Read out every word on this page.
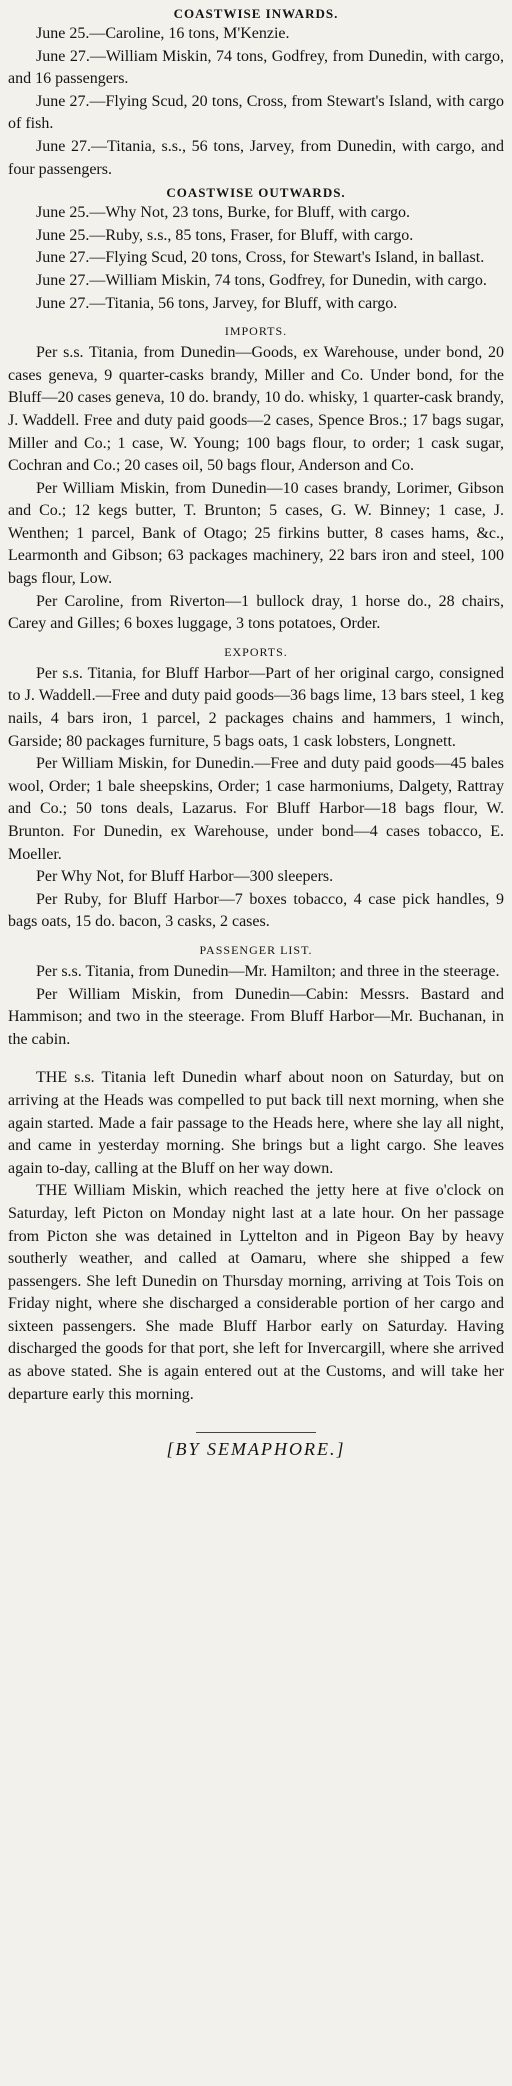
COASTWISE INWARDS.

June 25.—Caroline, 16 tons, M'Kenzie.

June 27.—William Miskin, 74 tons, Godfrey, from Dunedin, with cargo, and 16 passengers.

June 27.—Flying Scud, 20 tons, Cross, from Stewart's Island, with cargo of fish.

June 27.—Titania, s.s., 56 tons, Jarvey, from Dunedin, with cargo, and four passengers.

COASTWISE OUTWARDS.

June 25.—Why Not, 23 tons, Burke, for Bluff, with cargo.

June 25.—Ruby, s.s., 85 tons, Fraser, for Bluff, with cargo.

June 27.—Flying Scud, 20 tons, Cross, for Stewart's Island, in ballast.

June 27.—William Miskin, 74 tons, Godfrey, for Dunedin, with cargo.

June 27.—Titania, 56 tons, Jarvey, for Bluff, with cargo.

IMPORTS.

Per s.s. Titania, from Dunedin—Goods, ex Warehouse, under bond, 20 cases geneva, 9 quarter-casks brandy, Miller and Co. Under bond, for the Bluff—20 cases geneva, 10 do. brandy, 10 do. whisky, 1 quarter-cask brandy, J. Waddell. Free and duty paid goods—2 cases, Spence Bros.; 17 bags sugar, Miller and Co.; 1 case, W. Young; 100 bags flour, to order; 1 cask sugar, Cochran and Co.; 20 cases oil, 50 bags flour, Anderson and Co.

Per William Miskin, from Dunedin—10 cases brandy, Lorimer, Gibson and Co.; 12 kegs butter, T. Brunton; 5 cases, G. W. Binney; 1 case, J. Wenthen; 1 parcel, Bank of Otago; 25 firkins butter, 8 cases hams, &c., Learmonth and Gibson; 63 packages machinery, 22 bars iron and steel, 100 bags flour, Low.

Per Caroline, from Riverton—1 bullock dray, 1 horse do., 28 chairs, Carey and Gilles; 6 boxes luggage, 3 tons potatoes, Order.

EXPORTS.

Per s.s. Titania, for Bluff Harbor—Part of her original cargo, consigned to J. Waddell.—Free and duty paid goods—36 bags lime, 13 bars steel, 1 keg nails, 4 bars iron, 1 parcel, 2 packages chains and hammers, 1 winch, Garside; 80 packages furniture, 5 bags oats, 1 cask lobsters, Longnett.

Per William Miskin, for Dunedin.—Free and duty paid goods—45 bales wool, Order; 1 bale sheepskins, Order; 1 case harmoniums, Dalgety, Rattray and Co.; 50 tons deals, Lazarus. For Bluff Harbor—18 bags flour, W. Brunton. For Dunedin, ex Warehouse, under bond—4 cases tobacco, E. Moeller.

Per Why Not, for Bluff Harbor—300 sleepers.

Per Ruby, for Bluff Harbor—7 boxes tobacco, 4 case pick handles, 9 bags oats, 15 do. bacon, 3 casks, 2 cases.

PASSENGER LIST.

Per s.s. Titania, from Dunedin—Mr. Hamilton; and three in the steerage.

Per William Miskin, from Dunedin—Cabin: Messrs. Bastard and Hammison; and two in the steerage. From Bluff Harbor—Mr. Buchanan, in the cabin.

THE s.s. Titania left Dunedin wharf about noon on Saturday, but on arriving at the Heads was compelled to put back till next morning, when she again started. Made a fair passage to the Heads here, where she lay all night, and came in yesterday morning. She brings but a light cargo. She leaves again to-day, calling at the Bluff on her way down.

THE William Miskin, which reached the jetty here at five o'clock on Saturday, left Picton on Monday night last at a late hour. On her passage from Picton she was detained in Lyttelton and in Pigeon Bay by heavy southerly weather, and called at Oamaru, where she shipped a few passengers. She left Dunedin on Thursday morning, arriving at Tois Tois on Friday night, where she discharged a considerable portion of her cargo and sixteen passengers. She made Bluff Harbor early on Saturday. Having discharged the goods for that port, she left for Invercargill, where she arrived as above stated. She is again entered out at the Customs, and will take her departure early this morning.

[BY SEMAPHORE.]
